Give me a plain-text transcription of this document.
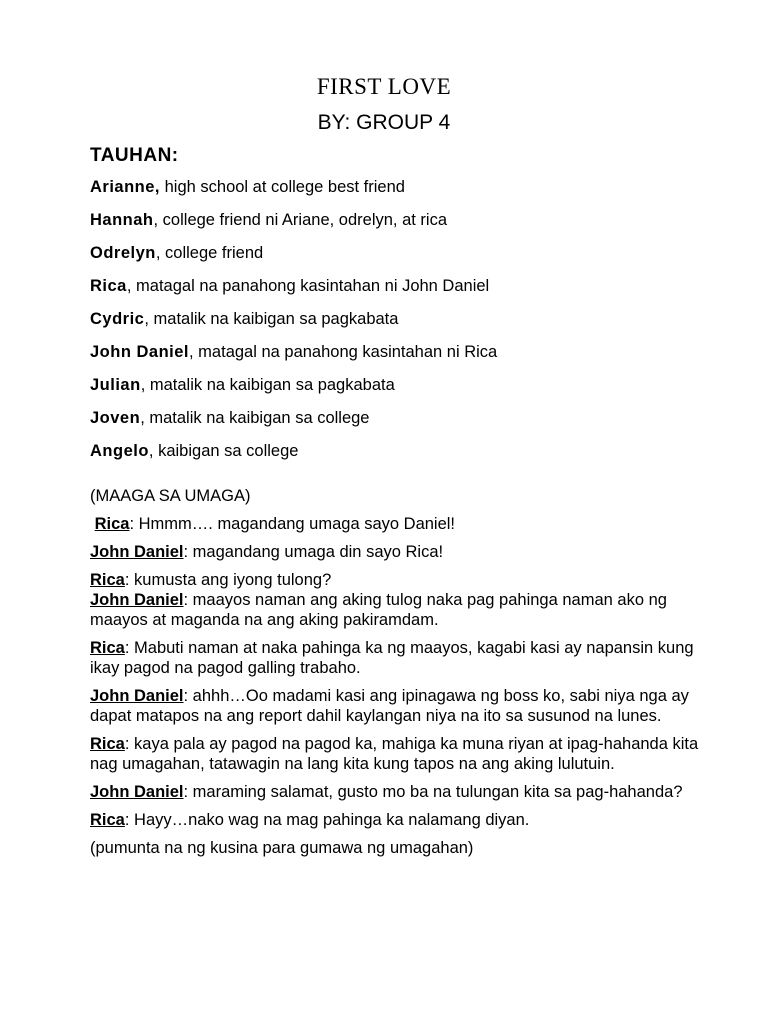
FIRST LOVE
BY: GROUP 4
TAUHAN:
Arianne, high school at college best friend
Hannah, college friend ni Ariane, odrelyn, at rica
Odrelyn, college friend
Rica, matagal na panahong kasintahan ni John Daniel
Cydric, matalik na kaibigan sa pagkabata
John Daniel, matagal na panahong kasintahan ni Rica
Julian, matalik na kaibigan sa pagkabata
Joven, matalik na kaibigan sa college
Angelo, kaibigan sa college
(MAAGA SA UMAGA)
Rica: Hmmm…. magandang umaga sayo Daniel!
John Daniel: magandang umaga din sayo Rica!
Rica: kumusta ang iyong tulong?
John Daniel: maayos naman ang aking tulog naka pag pahinga naman ako ng maayos at maganda na ang aking pakiramdam.
Rica: Mabuti naman at naka pahinga ka ng maayos, kagabi kasi ay napansin kung ikay pagod na pagod galling trabaho.
John Daniel: ahhh…Oo madami kasi ang ipinagawa ng boss ko, sabi niya nga ay dapat matapos na ang report dahil kaylangan niya na ito sa susunod na lunes.
Rica: kaya pala ay pagod na pagod ka, mahiga ka muna riyan at ipag-hahanda kita nag umagahan, tatawagin na lang kita kung tapos na ang aking lulutuin.
John Daniel: maraming salamat, gusto mo ba na tulungan kita sa pag-hahanda?
Rica: Hayy…nako wag na mag pahinga ka nalamang diyan.
(pumunta na ng kusina para gumawa ng umagahan)
